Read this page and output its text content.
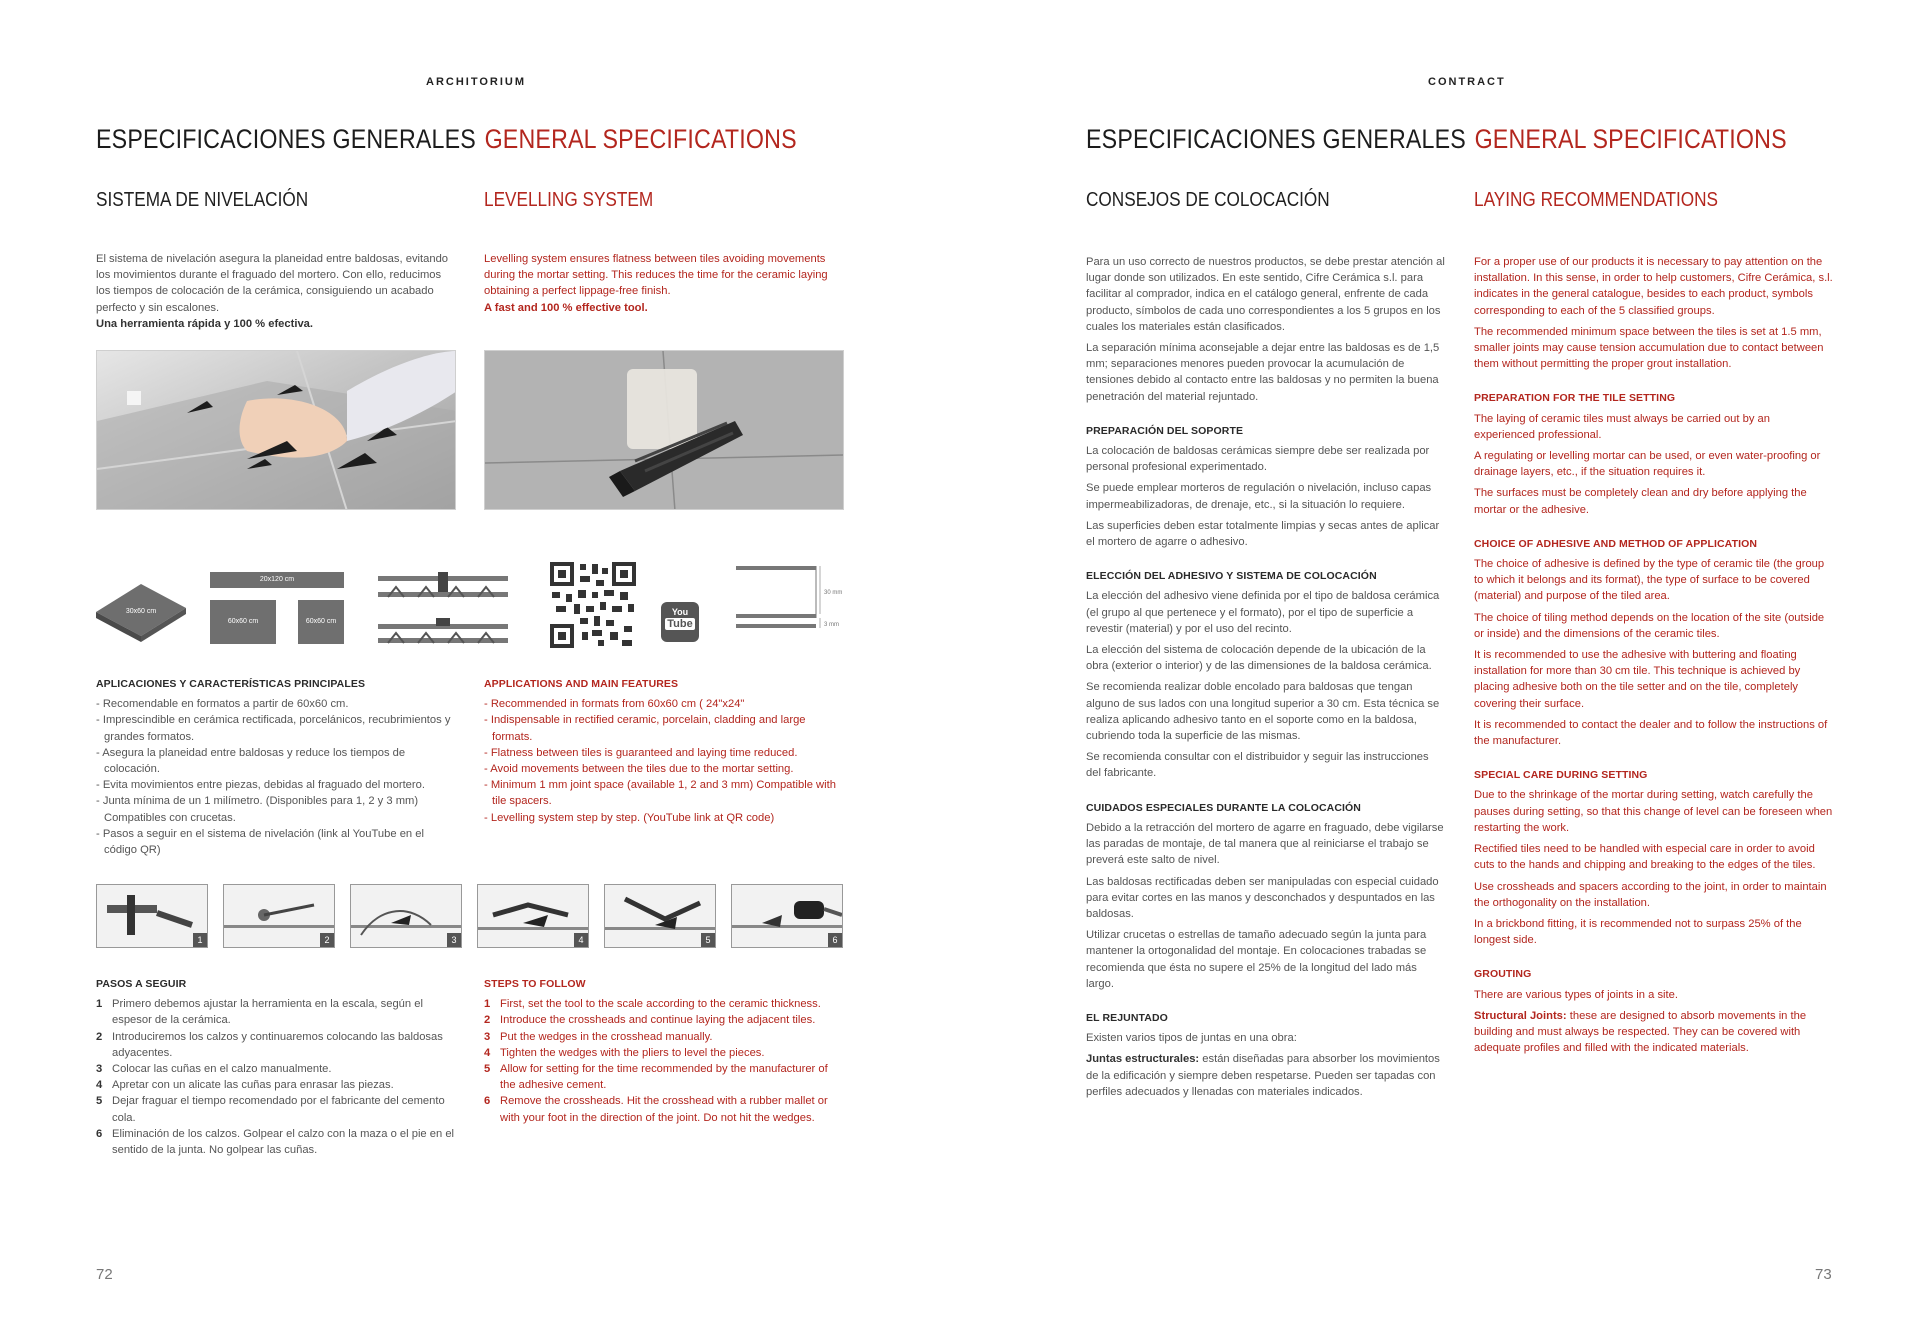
ARCHITORIUM
ESPECIFICACIONES GENERALES GENERAL SPECIFICATIONS
SISTEMA DE NIVELACIÓN	LEVELLING SYSTEM
El sistema de nivelación asegura la planeidad entre baldosas, evitando los movimientos durante el fraguado del mortero. Con ello, reducimos los tiempos de colocación de la cerámica, consiguiendo un acabado perfecto y sin escalones.
Una herramienta rápida y 100 % efectiva.
Levelling system ensures flatness between tiles avoiding movements during the mortar setting. This reduces the time for the ceramic laying obtaining a perfect lippage-free finish.
A fast and 100 % effective tool.
30x60 cm
20x120 cm
60x60 cm	60x60 cm
You
Tube
30 mm
3 mm
APLICACIONES Y CARACTERÍSTICAS PRINCIPALES
- Recomendable en formatos a partir de 60x60 cm.
- Imprescindible en cerámica rectificada, porcelánicos, recubrimientos y grandes formatos.
- Asegura la planeidad entre baldosas y reduce los tiempos de colocación.
- Evita movimientos entre piezas, debidas al fraguado del mortero.
- Junta mínima de un 1 milímetro. (Disponibles para 1, 2 y 3 mm) Compatibles con crucetas.
- Pasos a seguir en el sistema de nivelación (link al YouTube en el código QR)
APPLICATIONS AND MAIN FEATURES
- Recommended in formats from 60x60 cm ( 24"x24"
- Indispensable in rectified ceramic, porcelain, cladding and large formats.
- Flatness between tiles is guaranteed and laying time reduced.
- Avoid movements between the tiles due to the mortar setting.
- Minimum 1 mm joint space (available 1, 2 and 3 mm) Compatible with tile spacers.
- Levelling system step by step. (YouTube link at QR code)
1	2	3	4	5	6
PASOS A SEGUIR
1 Primero debemos ajustar la herramienta en la escala, según el espesor de la cerámica.
2 Introduciremos los calzos y continuaremos colocando las baldosas adyacentes.
3 Colocar las cuñas en el calzo manualmente.
4 Apretar con un alicate las cuñas para enrasar las piezas.
5 Dejar fraguar el tiempo recomendado por el fabricante del cemento cola.
6 Eliminación de los calzos. Golpear el calzo con la maza o el pie en el sentido de la junta. No golpear las cuñas.
STEPS TO FOLLOW
1 First, set the tool to the scale according to the ceramic thickness.
2 Introduce the crossheads and continue laying the adjacent tiles.
3 Put the wedges in the crosshead manually.
4 Tighten the wedges with the pliers to level the pieces.
5 Allow for setting for the time recommended by the manufacturer of the adhesive cement.
6 Remove the crossheads. Hit the crosshead with a rubber mallet or with your foot in the direction of the joint. Do not hit the wedges.
72
CONTRACT
ESPECIFICACIONES GENERALES GENERAL SPECIFICATIONS
CONSEJOS DE COLOCACIÓN	LAYING RECOMMENDATIONS

Para un uso correcto de nuestros productos, se debe prestar atención al lugar donde son utilizados. En este sentido, Cifre Cerámica s.l. para facilitar al comprador, indica en el catálogo general, enfrente de cada producto, símbolos de cada uno correspondientes a los 5 grupos en los cuales los materiales están clasificados.

La separación mínima aconsejable a dejar entre las baldosas es de 1,5 mm; separaciones menores pueden provocar la acumulación de tensiones debido al contacto entre las baldosas y no permiten la buena penetración del material rejuntado.

PREPARACIÓN DEL SOPORTE

La colocación de baldosas cerámicas siempre debe ser realizada por personal profesional experimentado.

Se puede emplear morteros de regulación o nivelación, incluso capas impermeabilizadoras, de drenaje, etc., si la situación lo requiere.

Las superficies deben estar totalmente limpias y secas antes de aplicar el mortero de agarre o adhesivo.

ELECCIÓN DEL ADHESIVO Y SISTEMA DE COLOCACIÓN

La elección del adhesivo viene definida por el tipo de baldosa cerámica (el grupo al que pertenece y el formato), por el tipo de superficie a revestir (material) y por el uso del recinto.

La elección del sistema de colocación depende de la ubicación de la obra (exterior o interior) y de las dimensiones de la baldosa cerámica.

Se recomienda realizar doble encolado para baldosas que tengan alguno de sus lados con una longitud superior a 30 cm. Esta técnica se realiza aplicando adhesivo tanto en el soporte como en la baldosa, cubriendo toda la superficie de las mismas.

Se recomienda consultar con el distribuidor y seguir las instrucciones del fabricante.

CUIDADOS ESPECIALES DURANTE LA COLOCACIÓN

Debido a la retracción del mortero de agarre en fraguado, debe vigilarse las paradas de montaje, de tal manera que al reiniciarse el trabajo se preverá este salto de nivel.

Las baldosas rectificadas deben ser manipuladas con especial cuidado para evitar cortes en las manos y desconchados y despuntados en las baldosas.

Utilizar crucetas o estrellas de tamaño adecuado según la junta para mantener la ortogonalidad del montaje. En colocaciones trabadas se recomienda que ésta no supere el 25% de la longitud del lado más largo.

EL REJUNTADO

Existen varios tipos de juntas en una obra:

Juntas estructurales: están diseñadas para absorber los movimientos de la edificación y siempre deben respetarse. Pueden ser tapadas con perfiles adecuados y llenadas con materiales indicados.

For a proper use of our products it is necessary to pay attention on the installation. In this sense, in order to help customers, Cifre Cerámica, s.l. indicates in the general catalogue, besides to each product, symbols corresponding to each of the 5 classified groups.

The recommended minimum space between the tiles is set at 1.5 mm, smaller joints may cause tension accumulation due to contact between them without permitting the proper grout installation.

PREPARATION FOR THE TILE SETTING

The laying of ceramic tiles must always be carried out by an experienced professional.

A regulating or levelling mortar can be used, or even water-proofing or drainage layers, etc., if the situation requires it.

The surfaces must be completely clean and dry before applying the mortar or the adhesive.

CHOICE OF ADHESIVE AND METHOD OF APPLICATION

The choice of adhesive is defined by the type of ceramic tile (the group to which it belongs and its format), the type of surface to be covered (material) and purpose of the tiled area.

The choice of tiling method depends on the location of the site (outside or inside) and the dimensions of the ceramic tiles.

It is recommended to use the adhesive with buttering and floating installation for more than 30 cm tile. This technique is achieved by placing adhesive both on the tile setter and on the tile, completely covering their surface.

It is recommended to contact the dealer and to follow the instructions of the manufacturer.

SPECIAL CARE DURING SETTING

Due to the shrinkage of the mortar during setting, watch carefully the pauses during setting, so that this change of level can be foreseen when restarting the work.

Rectified tiles need to be handled with especial care in order to avoid cuts to the hands and chipping and breaking to the edges of the tiles.

Use crossheads and spacers according to the joint, in order to maintain the orthogonality on the installation.

In a brickbond fitting, it is recommended not to surpass 25% of the longest side.

GROUTING

There are various types of joints in a site.

Structural Joints: these are designed to absorb movements in the building and must always be respected. They can be covered with adequate profiles and filled with the indicated materials.

73
